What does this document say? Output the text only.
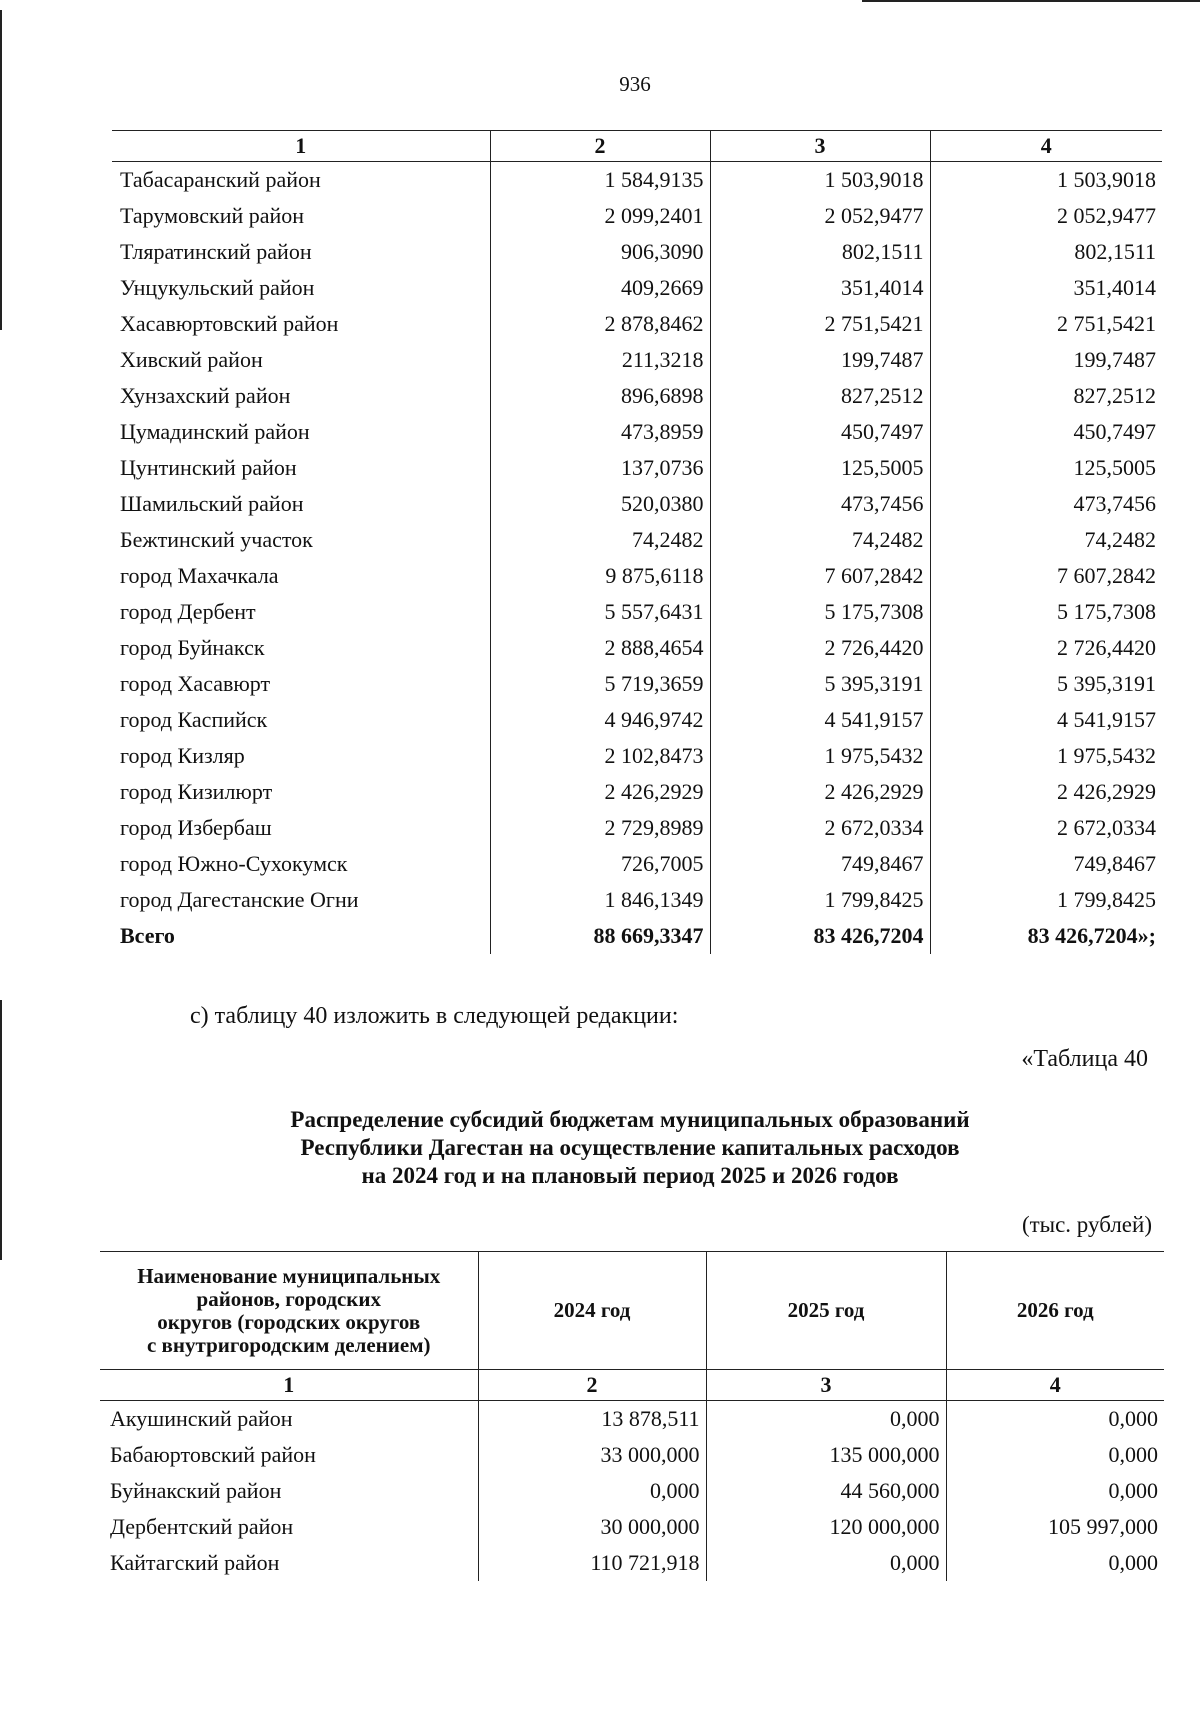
936
1	2	3	4
Табасаранский район	1 584,9135	1 503,9018	1 503,9018
Тарумовский район	2 099,2401	2 052,9477	2 052,9477
Тляратинский район	906,3090	802,1511	802,1511
Унцукульский район	409,2669	351,4014	351,4014
Хасавюртовский район	2 878,8462	2 751,5421	2 751,5421
Хивский район	211,3218	199,7487	199,7487
Хунзахский район	896,6898	827,2512	827,2512
Цумадинский район	473,8959	450,7497	450,7497
Цунтинский район	137,0736	125,5005	125,5005
Шамильский район	520,0380	473,7456	473,7456
Бежтинский участок	74,2482	74,2482	74,2482
город Махачкала	9 875,6118	7 607,2842	7 607,2842
город Дербент	5 557,6431	5 175,7308	5 175,7308
город Буйнакск	2 888,4654	2 726,4420	2 726,4420
город Хасавюрт	5 719,3659	5 395,3191	5 395,3191
город Каспийск	4 946,9742	4 541,9157	4 541,9157
город Кизляр	2 102,8473	1 975,5432	1 975,5432
город Кизилюрт	2 426,2929	2 426,2929	2 426,2929
город Избербаш	2 729,8989	2 672,0334	2 672,0334
город Южно-Сухокумск	726,7005	749,8467	749,8467
город Дагестанские Огни	1 846,1349	1 799,8425	1 799,8425
Всего	88 669,3347	83 426,7204	83 426,7204»;
с) таблицу 40 изложить в следующей редакции:
«Таблица 40
Распределение субсидий бюджетам муниципальных образований
Республики Дагестан на осуществление капитальных расходов
на 2024 год и на плановый период 2025 и 2026 годов
(тыс. рублей)
Наименование муниципальных
районов, городских
округов (городских округов
с внутригородским делением)	2024 год	2025 год	2026 год
1	2	3	4
Акушинский район	13 878,511	0,000	0,000
Бабаюртовский район	33 000,000	135 000,000	0,000
Буйнакский район	0,000	44 560,000	0,000
Дербентский район	30 000,000	120 000,000	105 997,000
Кайтагский район	110 721,918	0,000	0,000
